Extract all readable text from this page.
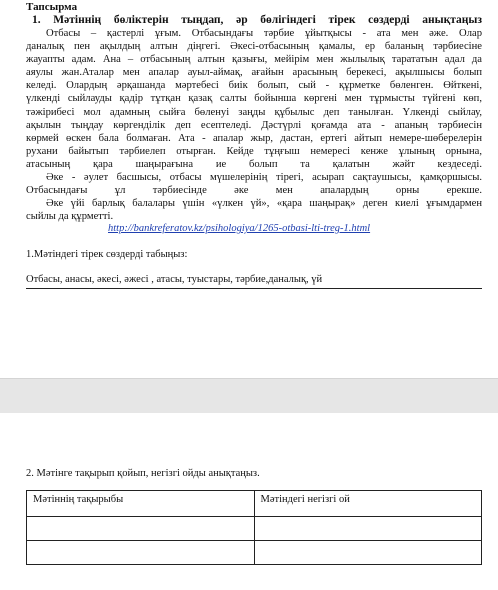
Тапсырма
1. Мәтіннің бөліктерін тыңдап, әр бөлігіндегі тірек сөздерді анықтаңыз
Отбасы – қастерлі ұғым. Отбасындағы тәрбие ұйытқысы - ата мен әже. Олар
даналық пен ақылдың алтын діңгегі. Әкесі-отбасының қамалы, ер баланың тәрбиесіне
жауапты адам. Ана – отбасының алтын қазығы, мейірім мен жылылық тарататын адал да
аяулы жан.Аталар мен апалар ауыл-аймақ, ағайын арасының берекесі, ақылшысы болып
келеді. Олардың әрқашанда мәртебесі биік болып, сый - құрметке бөленген. Өйткені,
үлкенді сыйлауды қадір тұтқан қазақ салты бойынша көргені мен тұрмысты түйгені көп,
тәжірибесі мол адамның сыйға бөленуі заңды құбылыс деп танылған. Үлкенді сыйлау,
ақылын тыңдау көргенділік деп есептеледі. Дәстүрлі қоғамда ата - апаның тәрбиесін
көрмей өскен бала болмаған. Ата - апалар жыр, дастан, ертегі айтып немере-шөберелерін
рухани байытып тәрбиелеп отырған. Кейде тұңғыш немересі кенже ұлының орнына,
атасының қара шаңырағына ие болып та қалатын жәйт кездеседі.
Әке - әулет басшысы, отбасы мүшелерінің тірегі, асырап сақтаушысы, қамқоршысы.
Отбасындағы ұл тәрбиесінде әке мен апалардың орны ерекше.
Әке үйі барлық балалары үшін «үлкен үй», «қара шаңырақ» деген киелі ұғымдармен
сыйлы да құрметті.
http://bankreferatov.kz/psihologiya/1265-otbasi-lti-treg-1.html
1.Мәтіндегі тірек сөздерді табыңыз:
Отбасы, анасы, әкесі, әжесі , атасы, туыстары, тәрбие,даналық, үй
2. Мәтінге тақырып қойып, негізгі ойды анықтаңыз.
Мәтіннің тақырыбы	Мәтіндегі негізгі ой
